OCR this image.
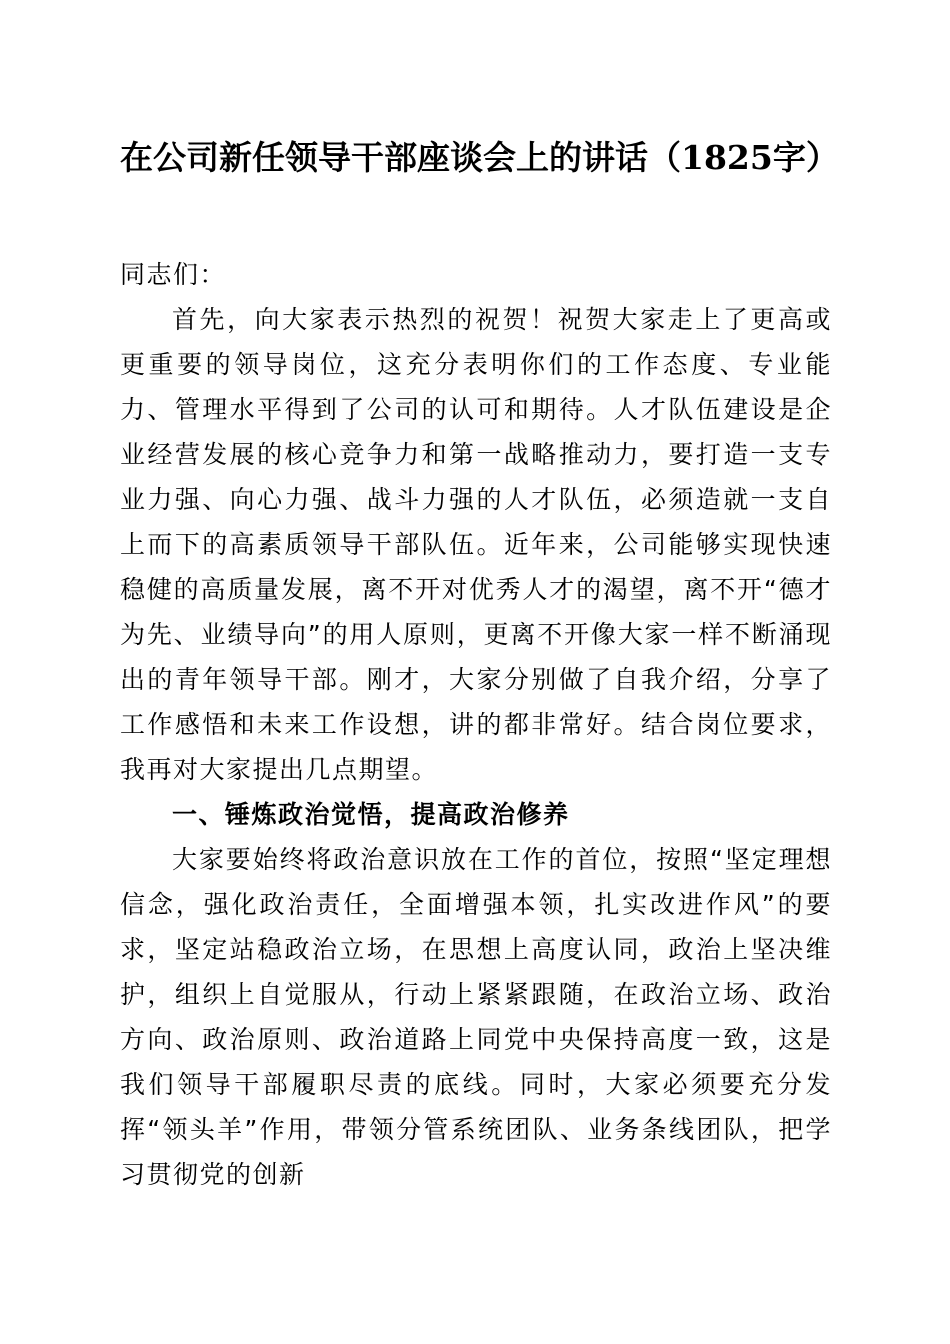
在公司新任领导干部座谈会上的讲话（1825字）

同志们：

首先，向大家表示热烈的祝贺！祝贺大家走上了更高或更重要的领导岗位，这充分表明你们的工作态度、专业能力、管理水平得到了公司的认可和期待。人才队伍建设是企业经营发展的核心竞争力和第一战略推动力，要打造一支专业力强、向心力强、战斗力强的人才队伍，必须造就一支自上而下的高素质领导干部队伍。近年来，公司能够实现快速稳健的高质量发展，离不开对优秀人才的渴望，离不开“德才为先、业绩导向”的用人原则，更离不开像大家一样不断涌现出的青年领导干部。刚才，大家分别做了自我介绍，分享了工作感悟和未来工作设想，讲的都非常好。结合岗位要求，我再对大家提出几点期望。

一、锤炼政治觉悟，提高政治修养

大家要始终将政治意识放在工作的首位，按照“坚定理想信念，强化政治责任，全面增强本领，扎实改进作风”的要求，坚定站稳政治立场，在思想上高度认同，政治上坚决维护，组织上自觉服从，行动上紧紧跟随，在政治立场、政治方向、政治原则、政治道路上同党中央保持高度一致，这是我们领导干部履职尽责的底线。同时，大家必须要充分发挥“领头羊”作用，带领分管系统团队、业务条线团队，把学习贯彻党的创新
